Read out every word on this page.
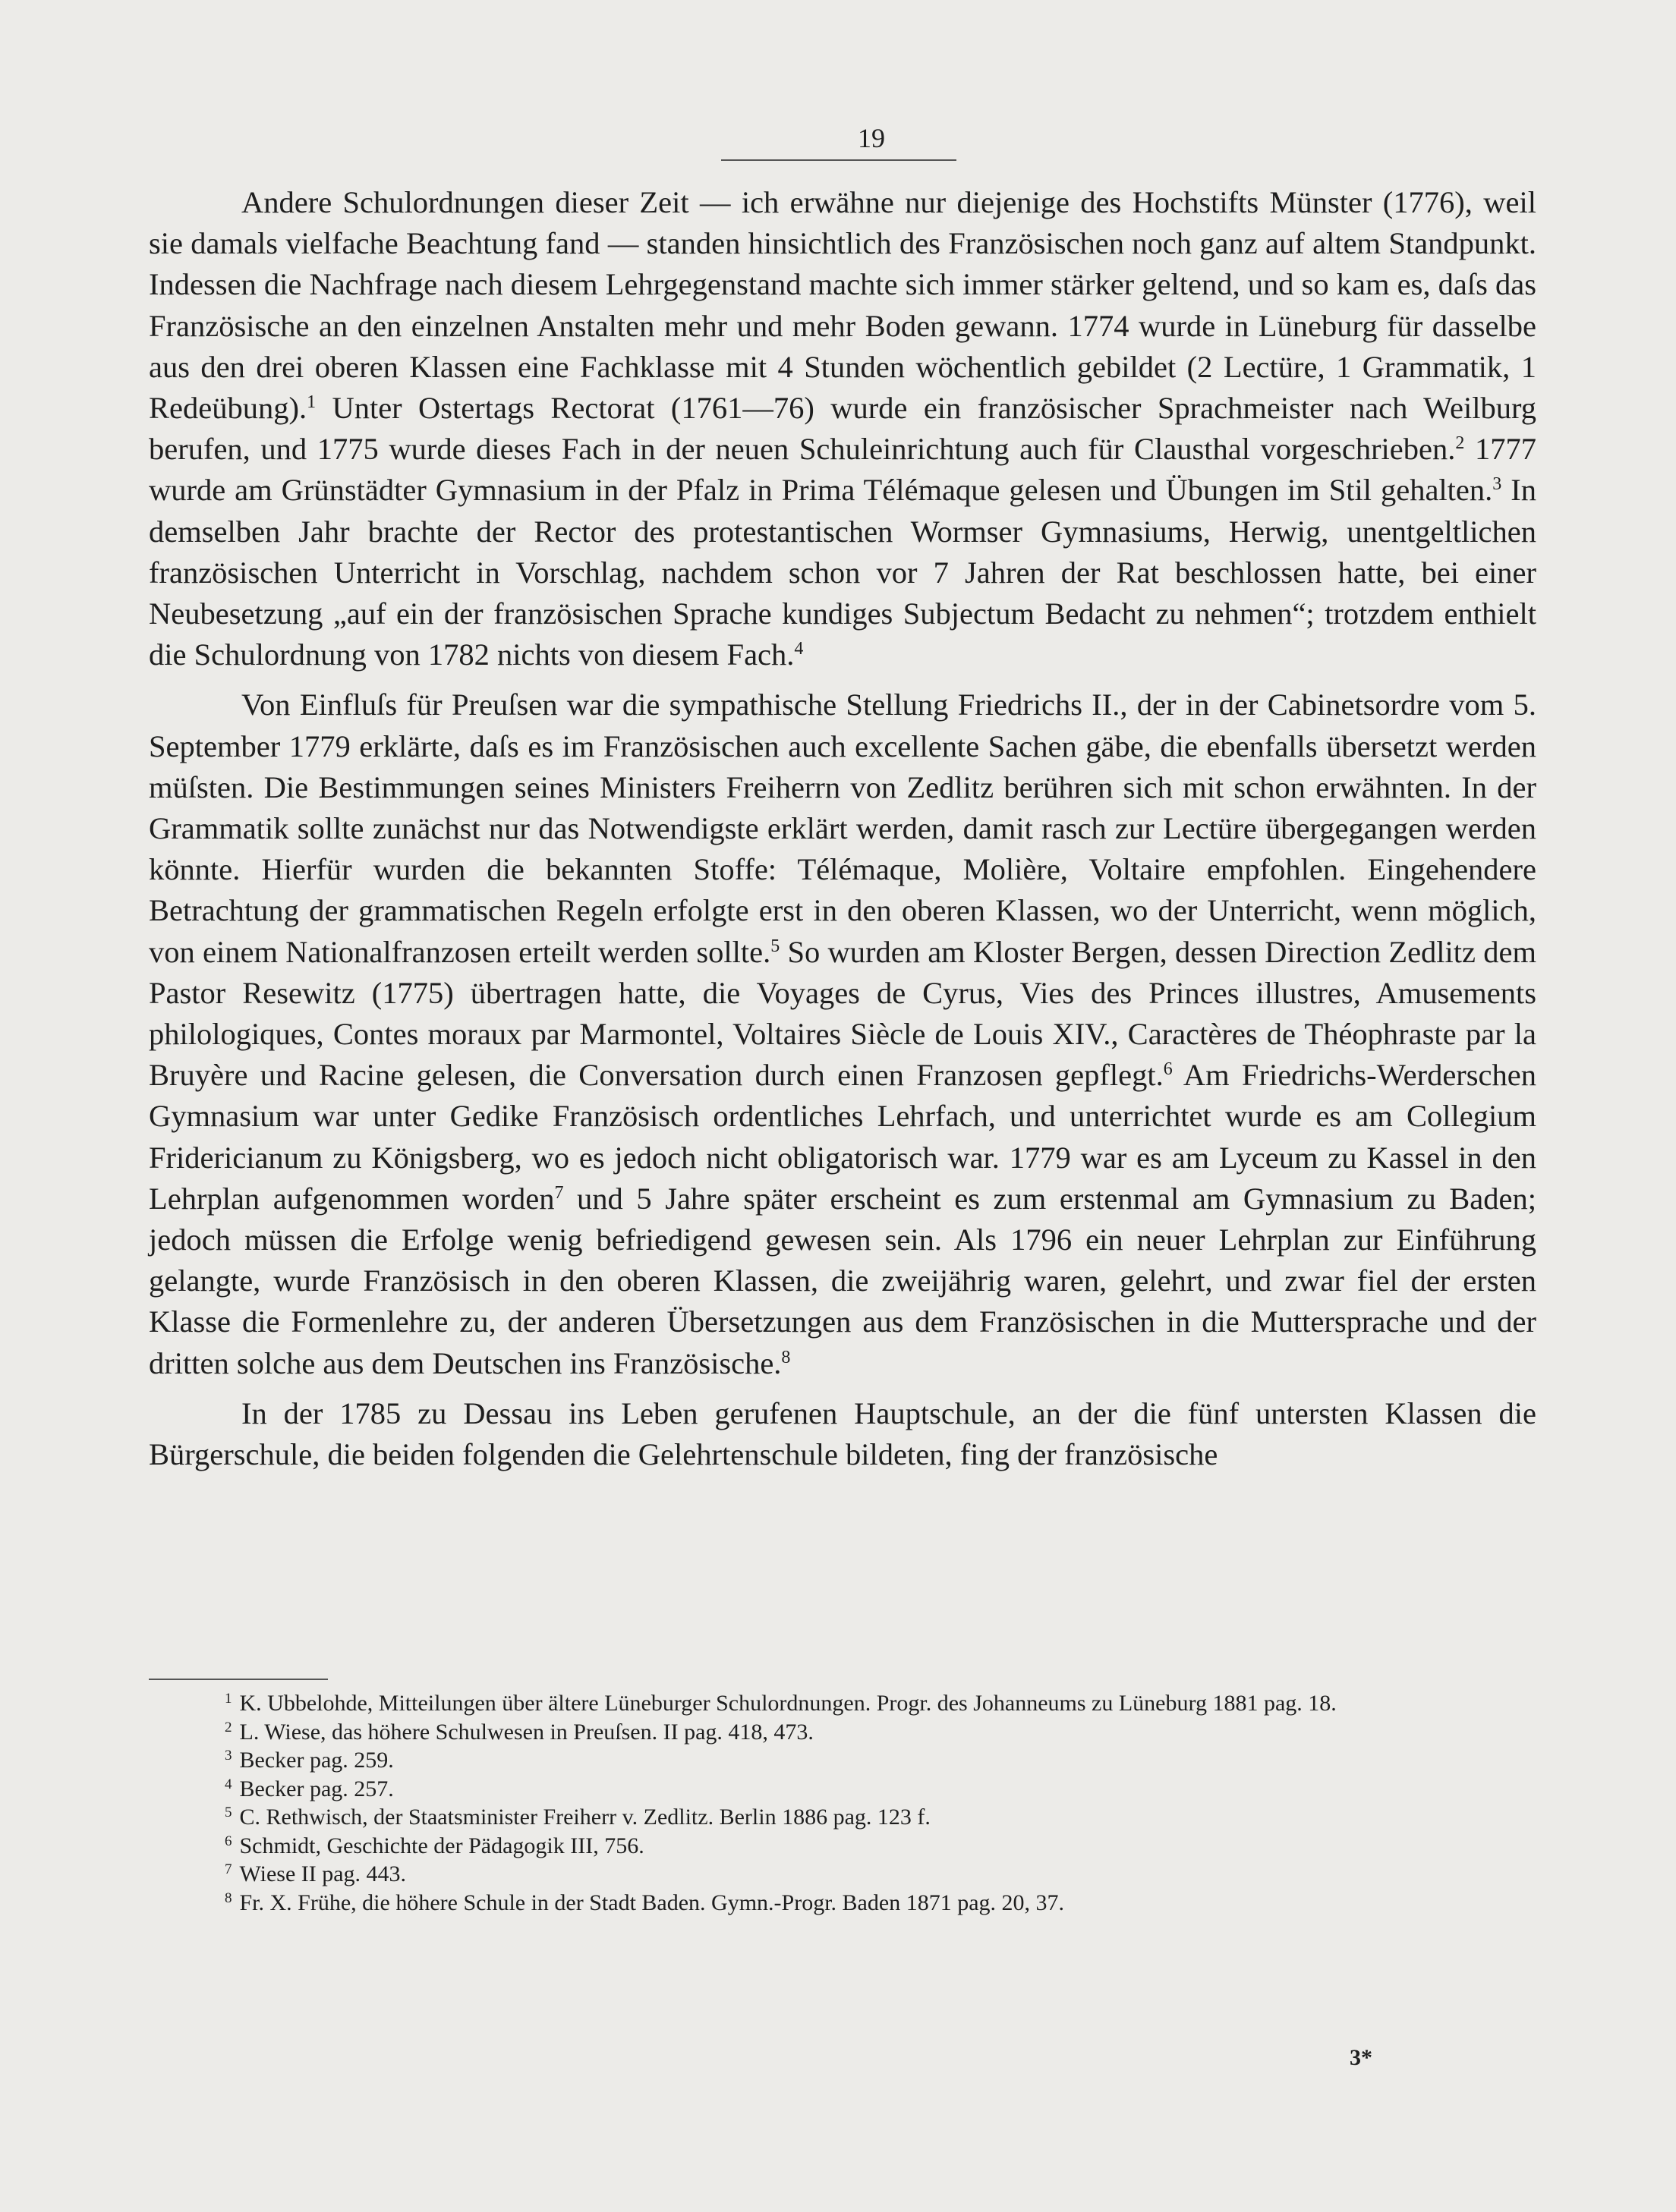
19

Andere Schulordnungen dieser Zeit — ich erwähne nur diejenige des Hochstifts Münster (1776), weil sie damals vielfache Beachtung fand — standen hinsichtlich des Französischen noch ganz auf altem Standpunkt. Indessen die Nachfrage nach diesem Lehrgegenstand machte sich immer stärker geltend, und so kam es, daſs das Französische an den einzelnen Anstalten mehr und mehr Boden gewann. 1774 wurde in Lüneburg für dasselbe aus den drei oberen Klassen eine Fachklasse mit 4 Stunden wöchentlich gebildet (2 Lectüre, 1 Grammatik, 1 Redeübung).$^1$ Unter Ostertags Rectorat (1761—76) wurde ein französischer Sprachmeister nach Weilburg berufen, und 1775 wurde dieses Fach in der neuen Schuleinrichtung auch für Clausthal vorgeschrieben.$^2$ 1777 wurde am Grünstädter Gymnasium in der Pfalz in Prima Télémaque gelesen und Übungen im Stil gehalten.$^3$ In demselben Jahr brachte der Rector des protestantischen Wormser Gymnasiums, Herwig, unentgeltlichen französischen Unterricht in Vorschlag, nachdem schon vor 7 Jahren der Rat beschlossen hatte, bei einer Neubesetzung „auf ein der französischen Sprache kundiges Subjectum Bedacht zu nehmen“; trotzdem enthielt die Schulordnung von 1782 nichts von diesem Fach.$^4$

Von Einfluſs für Preuſsen war die sympathische Stellung Friedrichs II., der in der Cabinetsordre vom 5. September 1779 erklärte, daſs es im Französischen auch excellente Sachen gäbe, die ebenfalls übersetzt werden müſsten. Die Bestimmungen seines Ministers Freiherrn von Zedlitz berühren sich mit schon erwähnten. In der Grammatik sollte zunächst nur das Notwendigste erklärt werden, damit rasch zur Lectüre übergegangen werden könnte. Hierfür wurden die bekannten Stoffe: Télémaque, Molière, Voltaire empfohlen. Eingehendere Betrachtung der grammatischen Regeln erfolgte erst in den oberen Klassen, wo der Unterricht, wenn möglich, von einem Nationalfranzosen erteilt werden sollte.$^5$ So wurden am Kloster Bergen, dessen Direction Zedlitz dem Pastor Resewitz (1775) übertragen hatte, die Voyages de Cyrus, Vies des Princes illustres, Amusements philologiques, Contes moraux par Marmontel, Voltaires Siècle de Louis XIV., Caractères de Théophraste par la Bruyère und Racine gelesen, die Conversation durch einen Franzosen gepflegt.$^6$ Am Friedrichs-Werderschen Gymnasium war unter Gedike Französisch ordentliches Lehrfach, und unterrichtet wurde es am Collegium Fridericianum zu Königsberg, wo es jedoch nicht obligatorisch war. 1779 war es am Lyceum zu Kassel in den Lehrplan aufgenommen worden$^7$ und 5 Jahre später erscheint es zum erstenmal am Gymnasium zu Baden; jedoch müssen die Erfolge wenig befriedigend gewesen sein. Als 1796 ein neuer Lehrplan zur Einführung gelangte, wurde Französisch in den oberen Klassen, die zweijährig waren, gelehrt, und zwar fiel der ersten Klasse die Formenlehre zu, der anderen Übersetzungen aus dem Französischen in die Muttersprache und der dritten solche aus dem Deutschen ins Französische.$^8$

In der 1785 zu Dessau ins Leben gerufenen Hauptschule, an der die fünf untersten Klassen die Bürgerschule, die beiden folgenden die Gelehrtenschule bildeten, fing der französische

$^1$ K. Ubbelohde, Mitteilungen über ältere Lüneburger Schulordnungen. Progr. des Johanneums zu Lüneburg 1881 pag. 18.

$^2$ L. Wiese, das höhere Schulwesen in Preuſsen. II pag. 418, 473.

$^3$ Becker pag. 259.

$^4$ Becker pag. 257.

$^5$ C. Rethwisch, der Staatsminister Freiherr v. Zedlitz. Berlin 1886 pag. 123 f.

$^6$ Schmidt, Geschichte der Pädagogik III, 756.

$^7$ Wiese II pag. 443.

$^8$ Fr. X. Frühe, die höhere Schule in der Stadt Baden. Gymn.-Progr. Baden 1871 pag. 20, 37.

3*
